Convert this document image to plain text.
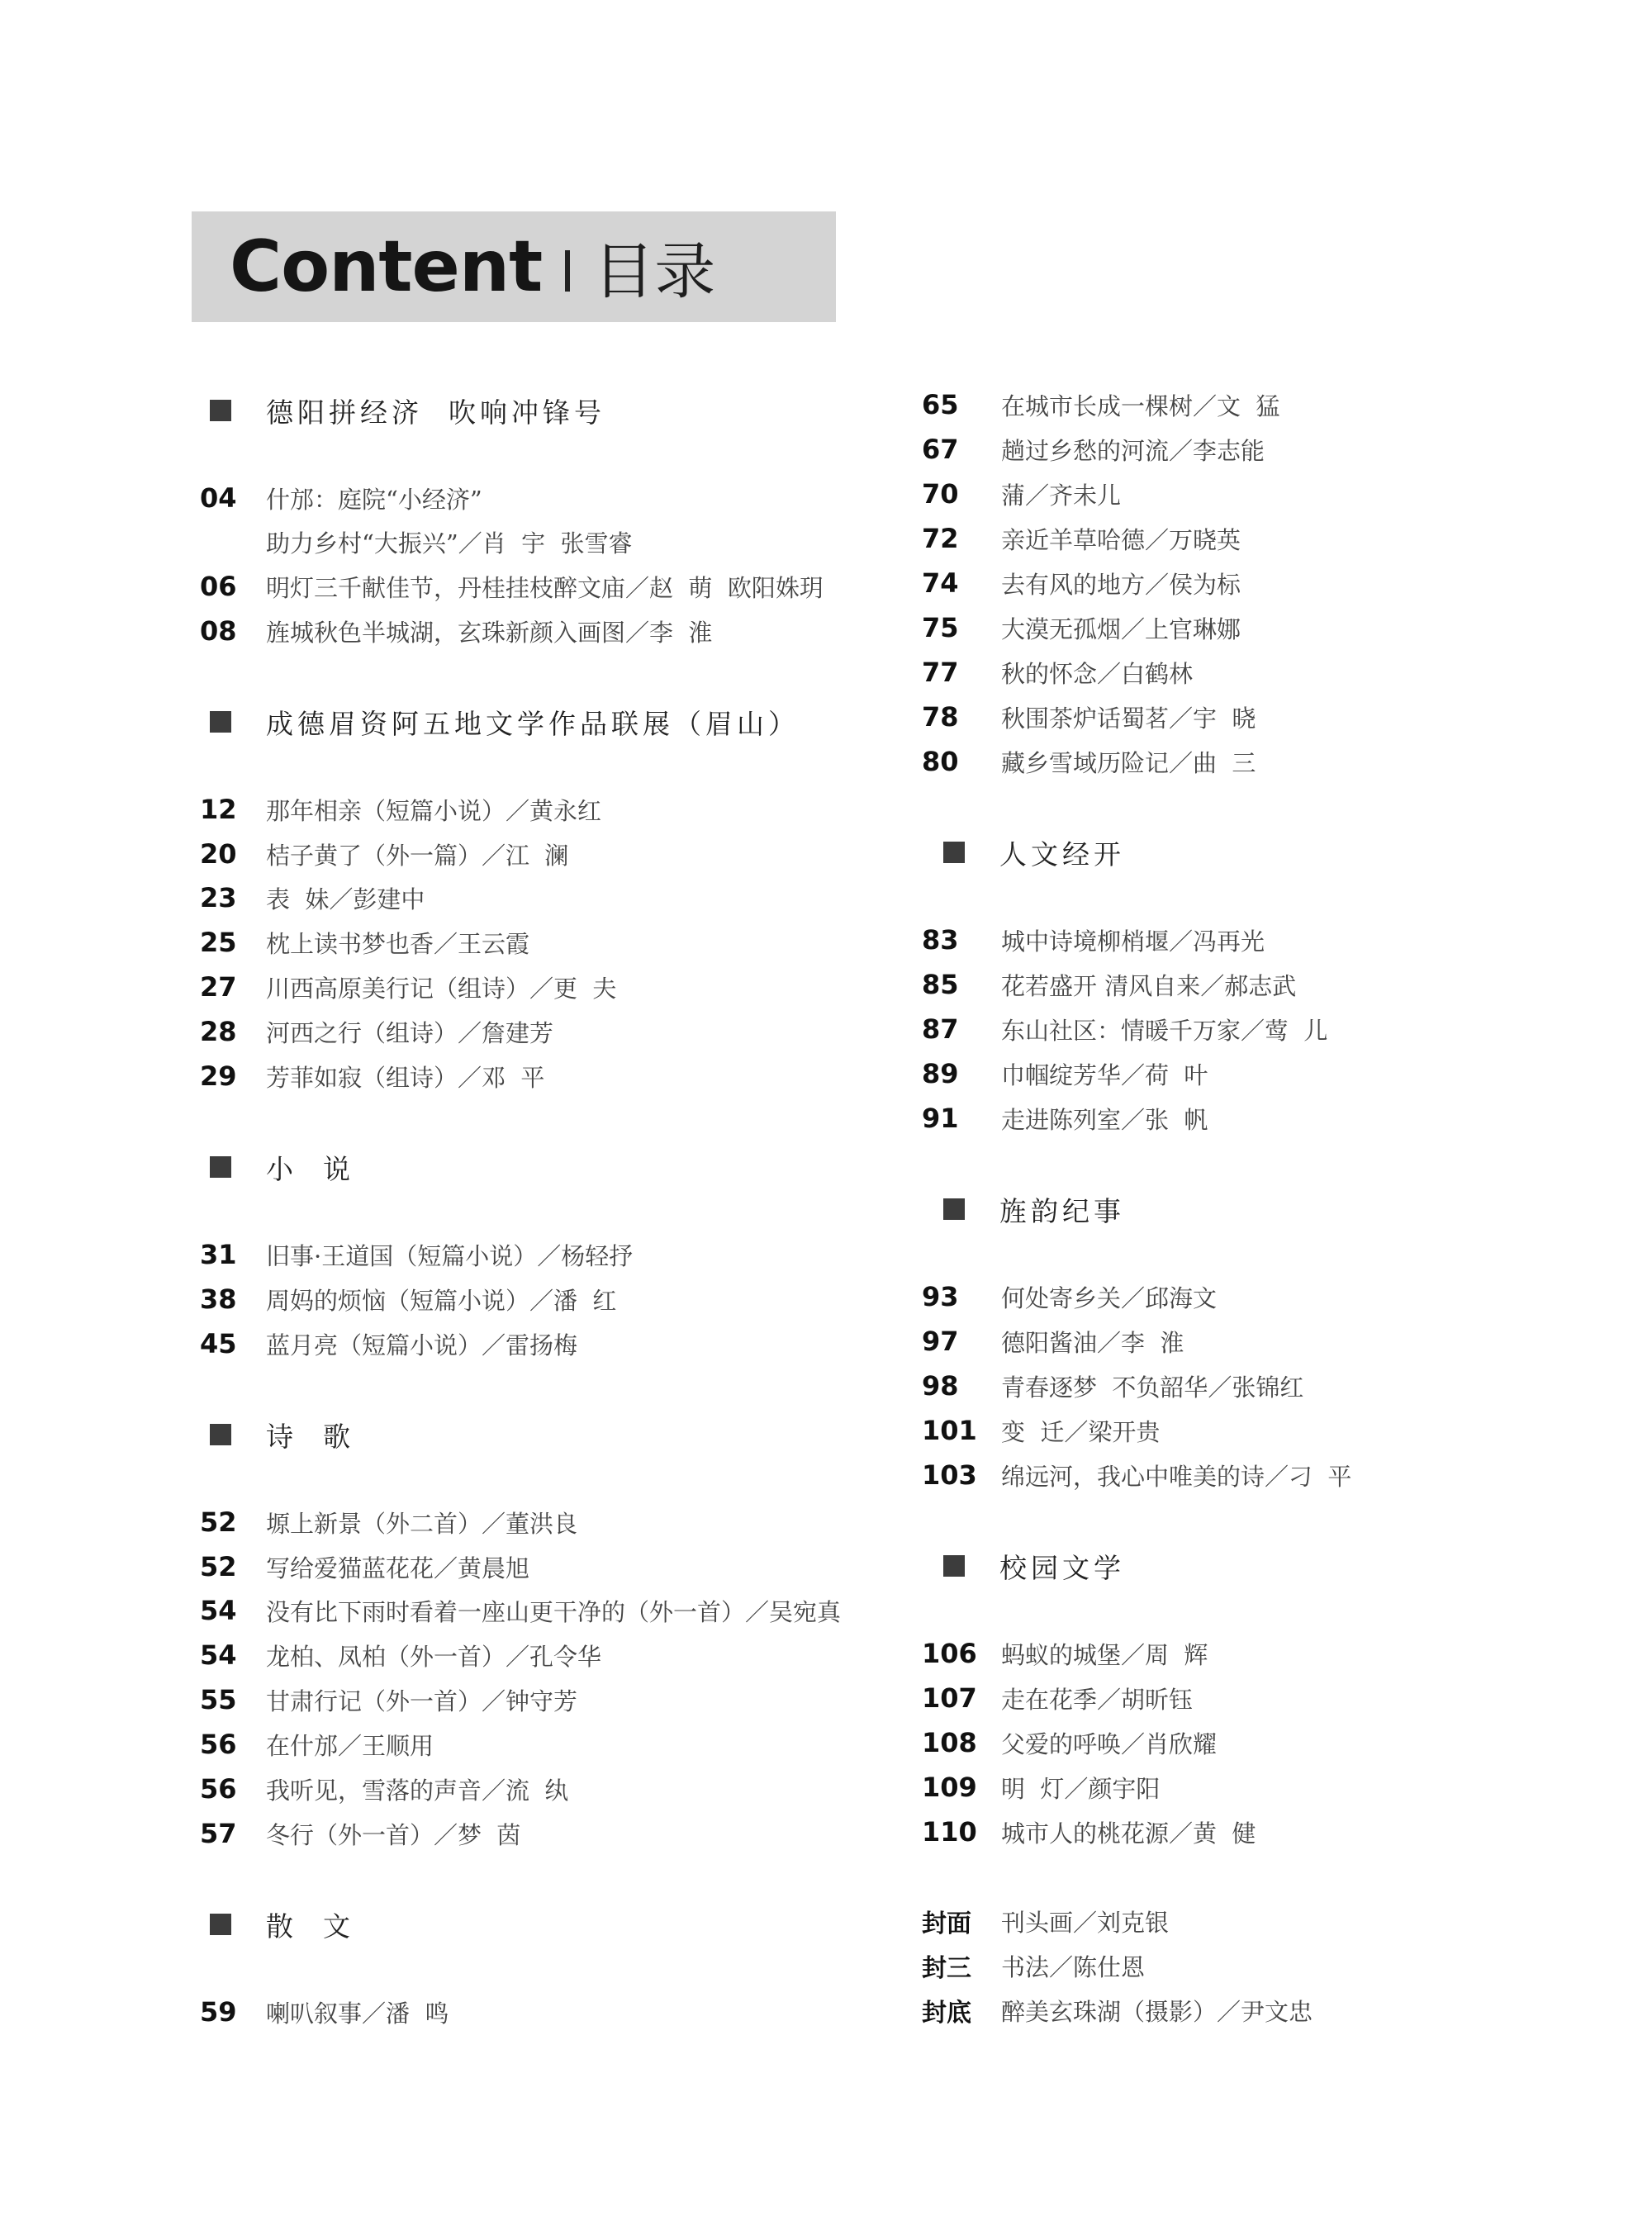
Content 目录
德阳拼经济  吹响冲锋号
04 什邡：庭院“小经济”
助力乡村“大振兴”／肖  宇  张雪睿
06 明灯三千献佳节，丹桂挂枝醉文庙／赵  萌  欧阳姝玥
08 旌城秋色半城湖，玄珠新颜入画图／李  淮
成德眉资阿五地文学作品联展（眉山）
12 那年相亲（短篇小说）／黄永红
20 桔子黄了（外一篇）／江  澜
23 表  妹／彭建中
25 枕上读书梦也香／王云霞
27 川西高原美行记（组诗）／更  夫
28 河西之行（组诗）／詹建芳
29 芳菲如寂（组诗）／邓  平
小  说
31 旧事·王道国（短篇小说）／杨轻抒
38 周妈的烦恼（短篇小说）／潘  红
45 蓝月亮（短篇小说）／雷扬梅
诗  歌
52 塬上新景（外二首）／董洪良
52 写给爱猫蓝花花／黄晨旭
54 没有比下雨时看着一座山更干净的（外一首）／吴宛真
54 龙柏、凤柏（外一首）／孔令华
55 甘肃行记（外一首）／钟守芳
56 在什邡／王顺用
56 我听见，雪落的声音／流  纨
57 冬行（外一首）／梦  茵
散  文
59 喇叭叙事／潘  鸣
65 在城市长成一棵树／文  猛
67 趟过乡愁的河流／李志能
70 蒲／齐未儿
72 亲近羊草哈德／万晓英
74 去有风的地方／侯为标
75 大漠无孤烟／上官琳娜
77 秋的怀念／白鹤林
78 秋围茶炉话蜀茗／宇  晓
80 藏乡雪域历险记／曲  三
人文经开
83 城中诗境柳梢堰／冯再光
85 花若盛开 清风自来／郝志武
87 东山社区：情暖千万家／莺  儿
89 巾帼绽芳华／荷  叶
91 走进陈列室／张  帆
旌韵纪事
93 何处寄乡关／邱海文
97 德阳酱油／李  淮
98 青春逐梦  不负韶华／张锦红
101 变  迁／梁开贵
103 绵远河，我心中唯美的诗／刁  平
校园文学
106 蚂蚁的城堡／周  辉
107 走在花季／胡昕钰
108 父爱的呼唤／肖欣耀
109 明  灯／颜宇阳
110 城市人的桃花源／黄  健
封面 刊头画／刘克银
封三 书法／陈仕恩
封底 醉美玄珠湖（摄影）／尹文忠
